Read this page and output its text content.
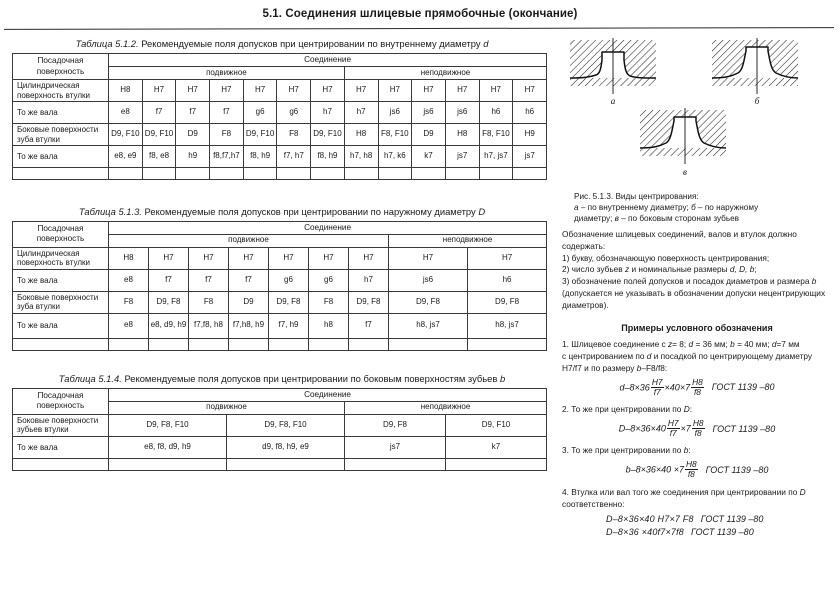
5.1. Соединения шлицевые прямобочные (окончание)
Таблица 5.1.2. Рекомендуемые поля допусков при центрировании по внутреннему диаметру d
Посадочная поверхность	Соединение												
	подвижное							неподвижное					
Цилиндрическая поверхность втулки	H8	H7	H7	H7	H7	H7	H7	H7	H7	H7	H7	H7	H7
То же вала	e8	f7	f7	f7	g6	g6	h7	h7	js6	js6	js6	h6	h6
Боковые поверхности зуба втулки	D9, F10	D9, F10	D9	F8	D9, F10	F8	D9, F10	H8	F8, F10	D9	H8	F8, F10	H9
То же вала	e8, e9	f8, e8	h9	f8,f7,h7	f8, h9	f7, h7	f8, h9	h7, h8	h7, k6	k7	js7	h7, js7	js7

Таблица 5.1.3. Рекомендуемые поля допусков при центрировании по наружному диаметру D
Посадочная поверхность	Соединение								
	подвижное							неподвижное	
Цилиндрическая поверхность втулки	H8	H7	H7	H7	H7	H7	H7	H7	H7
То же вала	e8	f7	f7	f7	g6	g6	h7	js6	h6
Боковые поверхности зуба втулки	F8	D9, F8	F8	D9	D9, F8	F8	D9, F8	D9, F8	D9, F8
То же вала	e8	e8, d9, h9	f7,f8, h8	f7,h8, h9	f7, h9	h8	f7	h8, js7	h8, js7

Таблица 5.1.4. Рекомендуемые поля допусков при центрировании по боковым поверхностям зубьев b
Посадочная поверхность	Соединение			
	подвижное		неподвижное	
Боковые поверхности зубьев втулки	D9, F8, F10	D9, F8, F10	D9, F8	D9, F10
То же вала	e8, f8, d9, h9	d9, f8, h9, e9	js7	k7

а	б
в
Рис. 5.1.3. Виды центрирования:
а – по внутреннему диаметру; б – по наружному
диаметру; в – по боковым сторонам зубьев

Обозначение шлицевых соединений, валов и втулок должно содержать:

1) букву, обозначающую поверхность центрирования;

2) число зубьев z и номинальные размеры d, D, b;

3) обозначение полей допусков и посадок диаметров и размера b

(допускается не указывать в обозначении допуски нецентрирующих диаметров).

Примеры условного обозначения
1. Шлицевое соединение с z= 8; d = 36 мм; b = 40 мм; d=7 мм
с центрированием по d и посадкой по центрирующему диаметру
H7/f7 и по размеру b–F8/f8:
$d-8\times 36 \frac{H7}{f7} \times 40\times 7 \frac{H8}{f8}$ ГОСТ 1139 –80
2. То же при центрировании по D:
$D-8\times 36\times 40 \frac{H7}{f7} \times 7 \frac{H8}{f8}$ ГОСТ 1139 –80
3. То же при центрировании по b:
$b-8\times 36\times 40 \times 7 \frac{H8}{f8}$ ГОСТ 1139 –80
4. Втулка или вал того же соединения при центрировании по D
соответственно:
D–8×36×40 H7×7 F8 ГОСТ 1139 –80
D–8×36 ×40f7×7f8 ГОСТ 1139 –80
